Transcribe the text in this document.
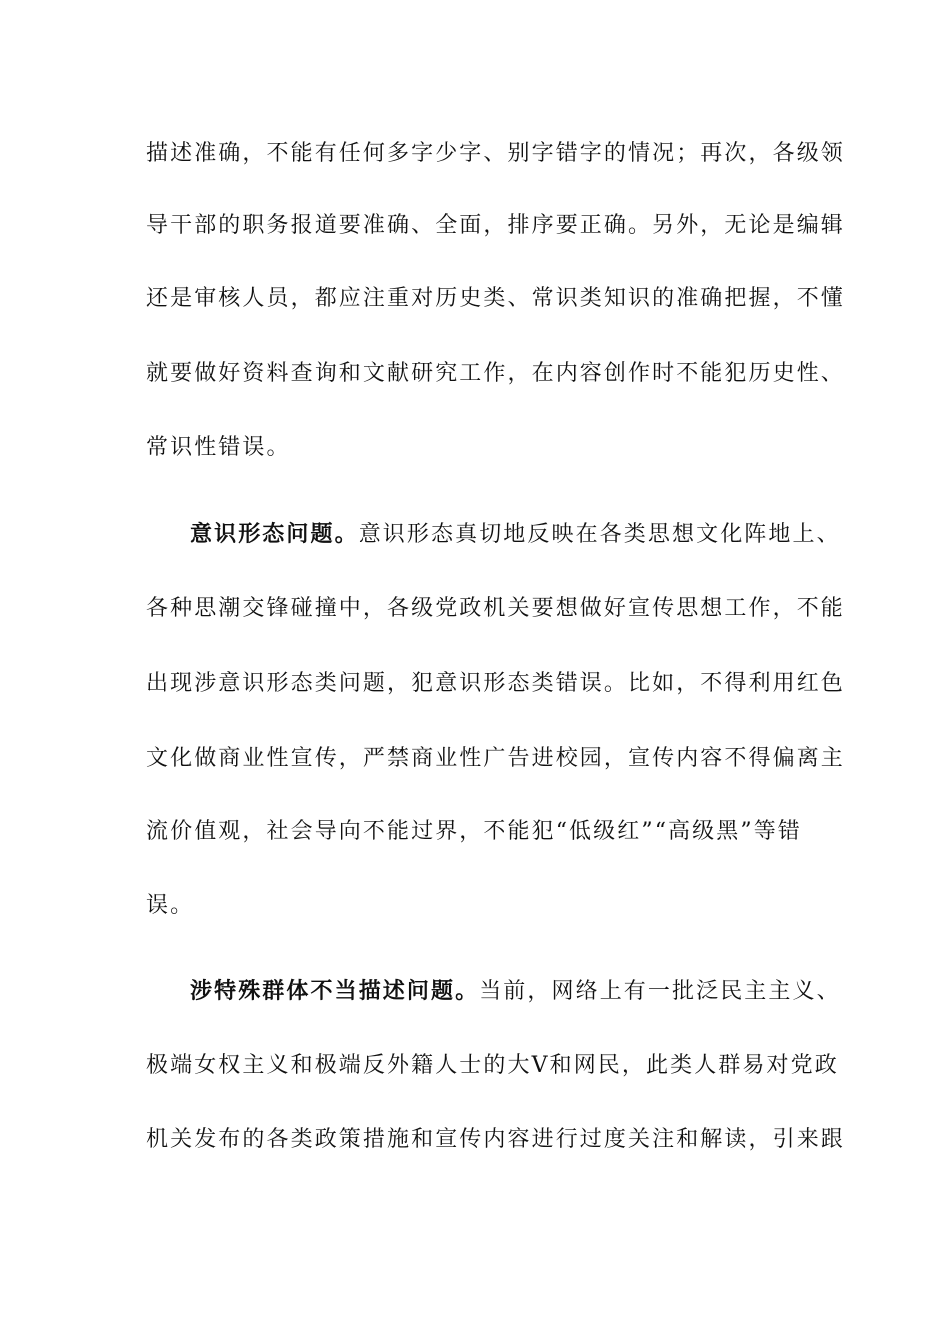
描述准确，不能有任何多字少字、别字错字的情况；再次，各级领
导干部的职务报道要准确、全面，排序要正确。另外，无论是编辑
还是审核人员，都应注重对历史类、常识类知识的准确把握，不懂
就要做好资料查询和文献研究工作，在内容创作时不能犯历史性、
常识性错误。
意识形态问题。意识形态真切地反映在各类思想文化阵地上、
各种思潮交锋碰撞中，各级党政机关要想做好宣传思想工作，不能
出现涉意识形态类问题，犯意识形态类错误。比如，不得利用红色
文化做商业性宣传，严禁商业性广告进校园，宣传内容不得偏离主
流价值观，社会导向不能过界，不能犯“低级红”“高级黑”等错
误。
涉特殊群体不当描述问题。当前，网络上有一批泛民主主义、
极端女权主义和极端反外籍人士的大V和网民，此类人群易对党政
机关发布的各类政策措施和宣传内容进行过度关注和解读，引来跟
